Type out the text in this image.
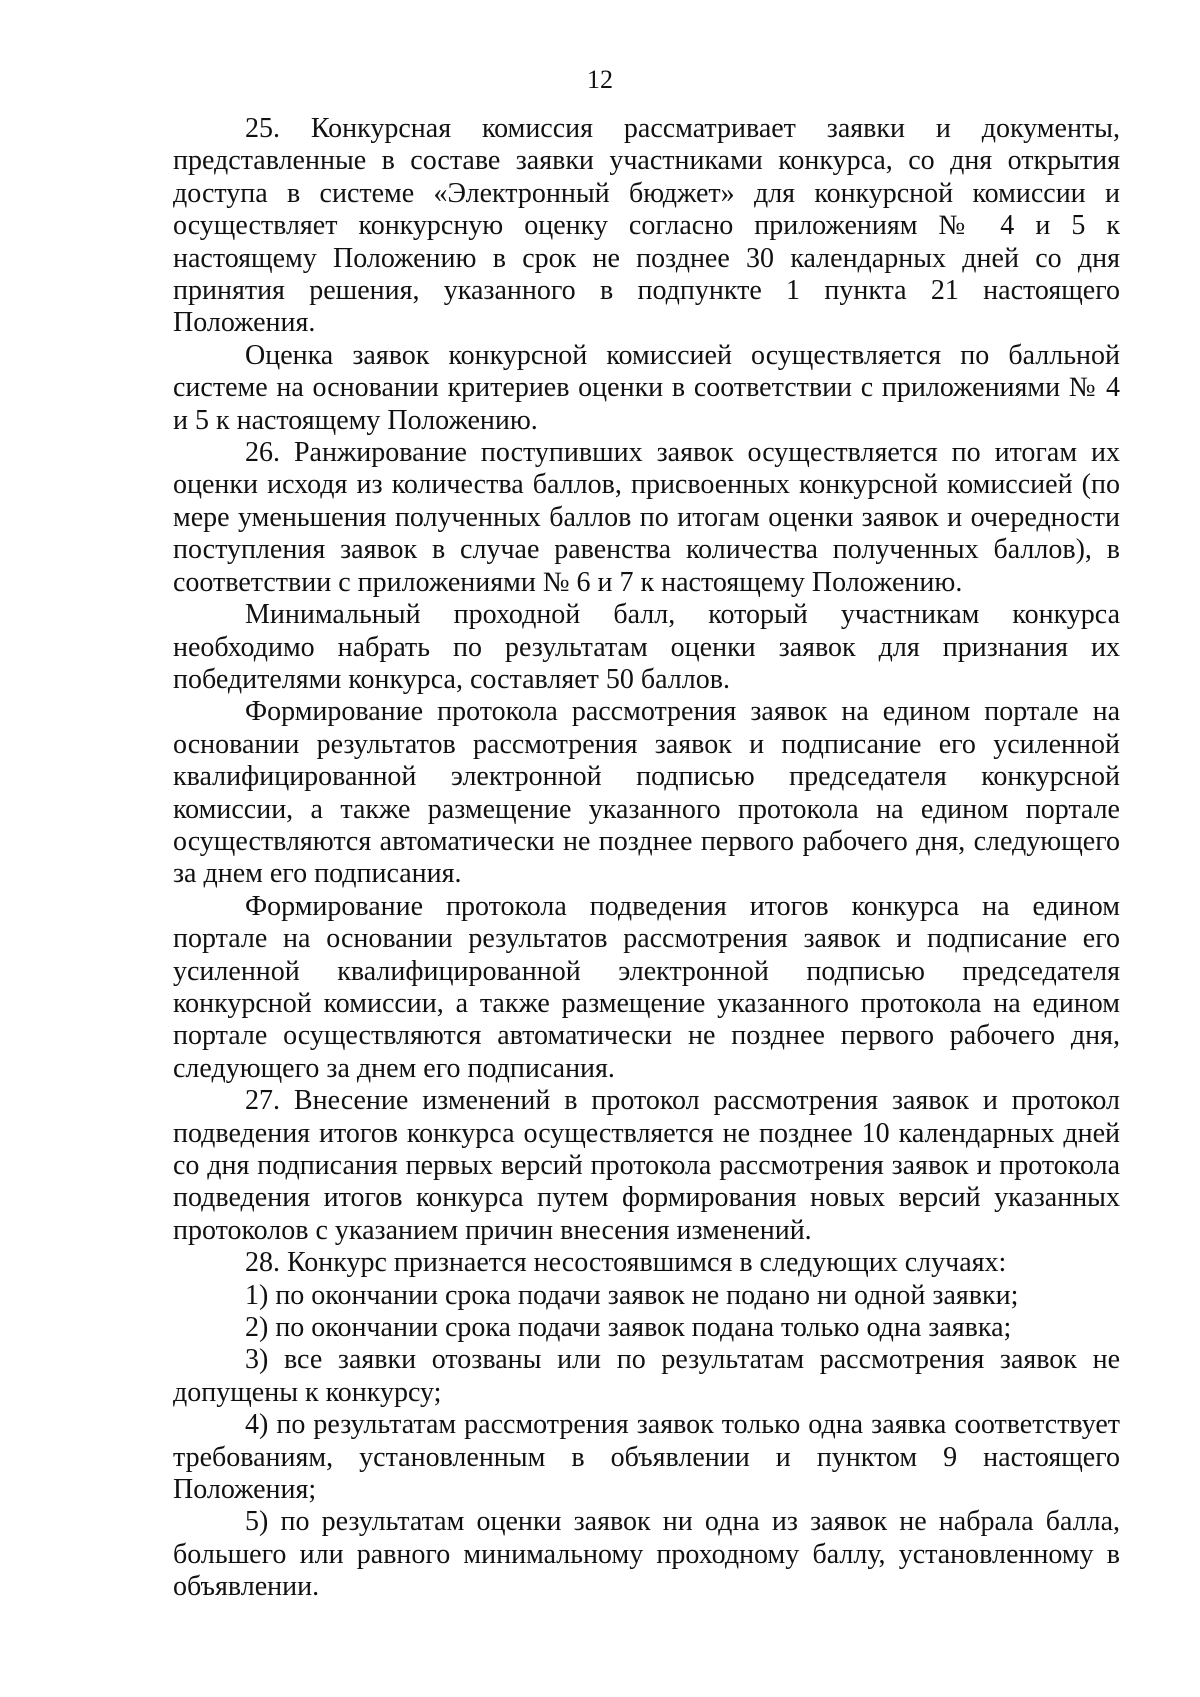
12

25. Конкурсная комиссия рассматривает заявки и документы, представленные в составе заявки участниками конкурса, со дня открытия доступа в системе «Электронный бюджет» для конкурсной комиссии и осуществляет конкурсную оценку согласно приложениям № 4 и 5 к настоящему Положению в срок не позднее 30 календарных дней со дня принятия решения, указанного в подпункте 1 пункта 21 настоящего Положения.

Оценка заявок конкурсной комиссией осуществляется по балльной системе на основании критериев оценки в соответствии с приложениями № 4 и 5 к настоящему Положению.

26. Ранжирование поступивших заявок осуществляется по итогам их оценки исходя из количества баллов, присвоенных конкурсной комиссией (по мере уменьшения полученных баллов по итогам оценки заявок и очередности поступления заявок в случае равенства количества полученных баллов), в соответствии с приложениями № 6 и 7 к настоящему Положению.

Минимальный проходной балл, который участникам конкурса необходимо набрать по результатам оценки заявок для признания их победителями конкурса, составляет 50 баллов.

Формирование протокола рассмотрения заявок на едином портале на основании результатов рассмотрения заявок и подписание его усиленной квалифицированной электронной подписью председателя конкурсной комиссии, а также размещение указанного протокола на едином портале осуществляются автоматически не позднее первого рабочего дня, следующего за днем его подписания.

Формирование протокола подведения итогов конкурса на едином портале на основании результатов рассмотрения заявок и подписание его усиленной квалифицированной электронной подписью председателя конкурсной комиссии, а также размещение указанного протокола на едином портале осуществляются автоматически не позднее первого рабочего дня, следующего за днем его подписания.

27. Внесение изменений в протокол рассмотрения заявок и протокол подведения итогов конкурса осуществляется не позднее 10 календарных дней со дня подписания первых версий протокола рассмотрения заявок и протокола подведения итогов конкурса путем формирования новых версий указанных протоколов с указанием причин внесения изменений.

28. Конкурс признается несостоявшимся в следующих случаях:

1) по окончании срока подачи заявок не подано ни одной заявки;

2) по окончании срока подачи заявок подана только одна заявка;

3) все заявки отозваны или по результатам рассмотрения заявок не допущены к конкурсу;

4) по результатам рассмотрения заявок только одна заявка соответствует требованиям, установленным в объявлении и пунктом 9 настоящего Положения;

5) по результатам оценки заявок ни одна из заявок не набрала балла, большего или равного минимальному проходному баллу, установленному в объявлении.
